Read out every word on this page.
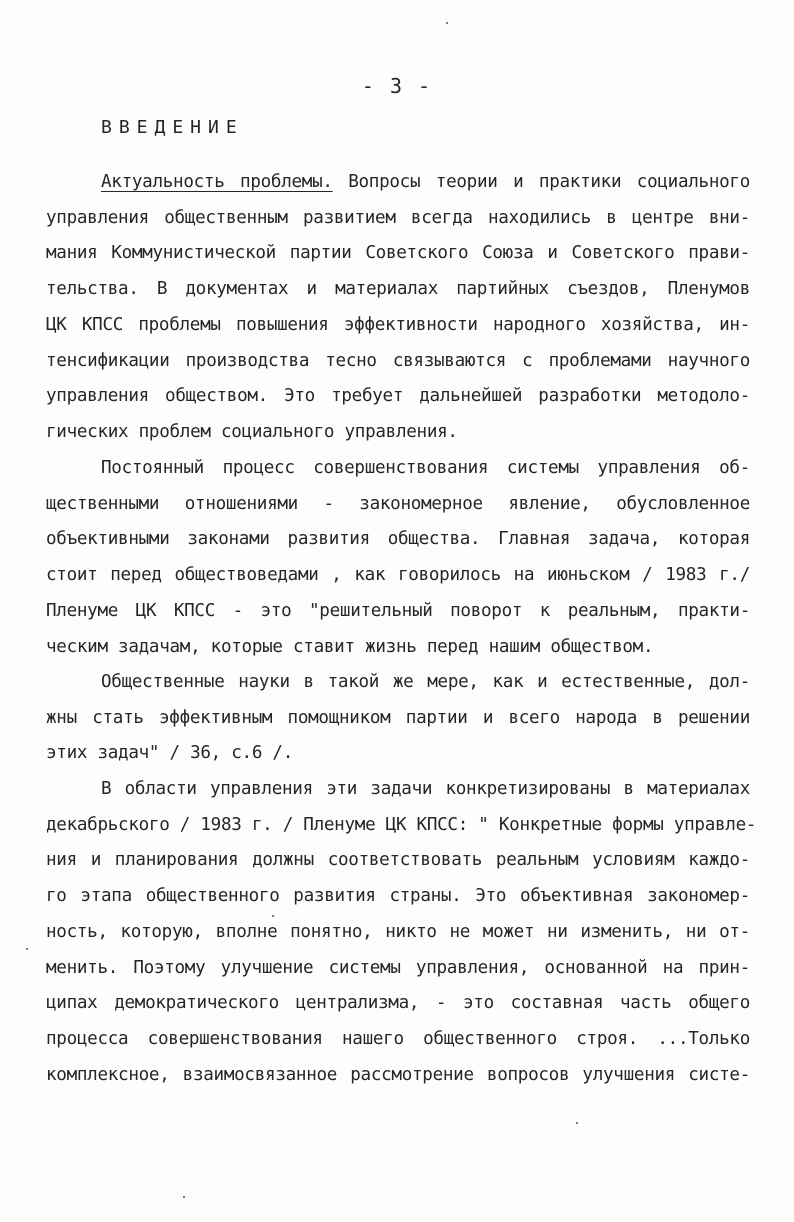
- 3 -
ВВЕДЕНИЕ
Актуальность проблемы. Вопросы теории и практики социального
управления общественным развитием всегда находились в центре вни-
мания Коммунистической партии Советского Союза и Советского прави-
тельства. В документах и материалах партийных съездов, Пленумов
ЦК КПСС проблемы повышения эффективности народного хозяйства, ин-
тенсификации производства тесно связываются с проблемами научного
управления обществом. Это требует дальнейшей разработки методоло-
гических проблем социального управления.
Постоянный процесс совершенствования системы управления об-
щественными отношениями - закономерное явление, обусловленное
объективными законами развития общества. Главная задача, которая
стоит перед обществоведами , как говорилось на июньском / 1983 г./
Пленуме ЦК КПСС - это "решительный поворот к реальным, практи-
ческим задачам, которые ставит жизнь перед нашим обществом.
Общественные науки в такой же мере, как и естественные, дол-
жны стать эффективным помощником партии и всего народа в решении
этих задач" / 36, с.6 /.
В области управления эти задачи конкретизированы в материалах
декабрьского / 1983 г. / Пленуме ЦК КПСС: " Конкретные формы управле-
ния и планирования должны соответствовать реальным условиям каждо-
го этапа общественного развития страны. Это объективная закономер-
ность, которую, вполне понятно, никто не может ни изменить, ни от-
менить. Поэтому улучшение системы управления, основанной на прин-
ципах демократического централизма, - это составная часть общего
процесса совершенствования нашего общественного строя. ...Только
комплексное, взаимосвязанное рассмотрение вопросов улучшения систе-
